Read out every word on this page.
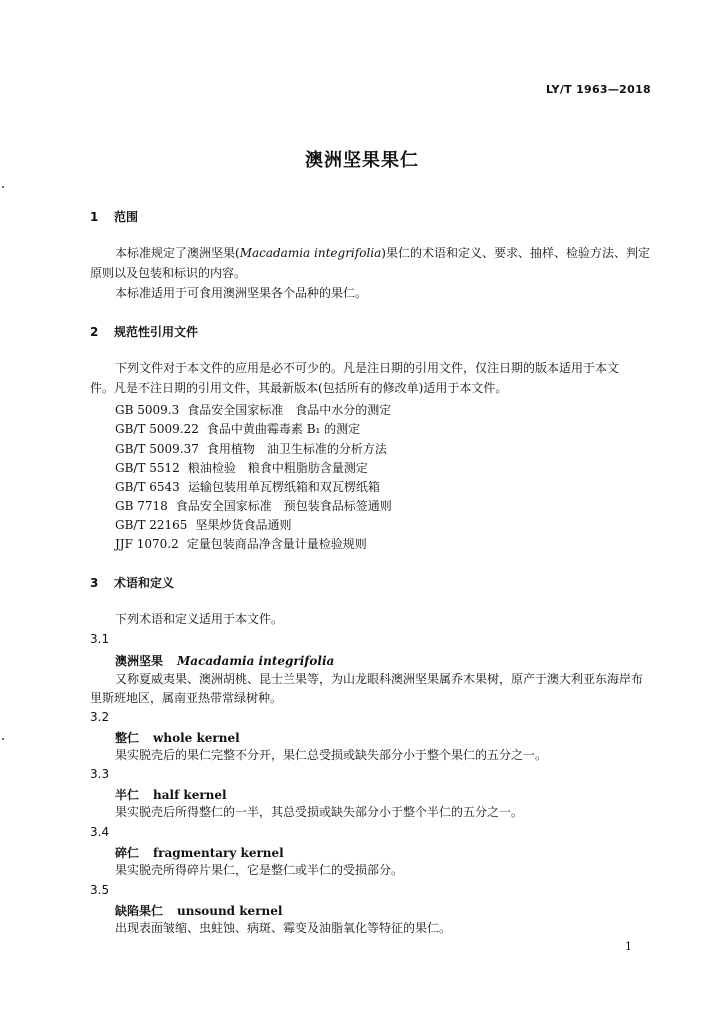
LY/T 1963—2018
澳洲坚果果仁
1 范围
本标准规定了澳洲坚果(Macadamia integrifolia)果仁的术语和定义、要求、抽样、检验方法、判定
原则以及包装和标识的内容。
本标准适用于可食用澳洲坚果各个品种的果仁。
2 规范性引用文件
下列文件对于本文件的应用是必不可少的。凡是注日期的引用文件，仅注日期的版本适用于本文
件。凡是不注日期的引用文件，其最新版本(包括所有的修改单)适用于本文件。
GB 5009.3 食品安全国家标准　食品中水分的测定
GB/T 5009.22 食品中黄曲霉毒素 B₁ 的测定
GB/T 5009.37 食用植物　油卫生标准的分析方法
GB/T 5512 粮油检验　粮食中粗脂肪含量测定
GB/T 6543 运输包装用单瓦楞纸箱和双瓦楞纸箱
GB 7718 食品安全国家标准　预包装食品标签通则
GB/T 22165 坚果炒货食品通则
JJF 1070.2 定量包装商品净含量计量检验规则
3 术语和定义
下列术语和定义适用于本文件。
3.1
澳洲坚果 Macadamia integrifolia
又称夏威夷果、澳洲胡桃、昆士兰果等，为山龙眼科澳洲坚果属乔木果树，原产于澳大利亚东海岸布
里斯班地区，属南亚热带常绿树种。
3.2
整仁 whole kernel
果实脱壳后的果仁完整不分开，果仁总受损或缺失部分小于整个果仁的五分之一。
3.3
半仁 half kernel
果实脱壳后所得整仁的一半，其总受损或缺失部分小于整个半仁的五分之一。
3.4
碎仁 fragmentary kernel
果实脱壳所得碎片果仁，它是整仁或半仁的受损部分。
3.5
缺陷果仁 unsound kernel
出现表面皱缩、虫蛀蚀、病斑、霉变及油脂氧化等特征的果仁。
1
